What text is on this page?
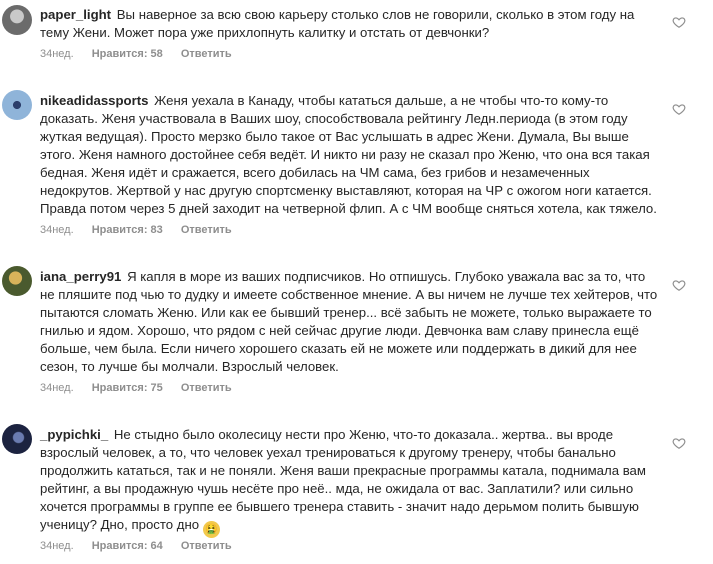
paper_light Вы наверное за всю свою карьеру столько слов не говорили, сколько в этом году на тему Жени. Может пора уже прихлопнуть калитку и отстать от девчонки?
34нед. Нравится: 58 Ответить
nikeadidassports Женя уехала в Канаду, чтобы кататься дальше, а не чтобы что-то кому-то доказать. Женя участвовала в Ваших шоу, способствовала рейтингу Ледн.периода (в этом году жуткая ведущая). Просто мерзко было такое от Вас услышать в адрес Жени. Думала, Вы выше этого. Женя намного достойнее себя ведёт. И никто ни разу не сказал про Женю, что она вся такая бедная. Женя идёт и сражается, всего добилась на ЧМ сама, без грибов и незамеченных недокрутов. Жертвой у нас другую спортсменку выставляют, которая на ЧР с ожогом ноги катается. Правда потом через 5 дней заходит на четверной флип. А с ЧМ вообще сняться хотела, как тяжело.
34нед. Нравится: 83 Ответить
iana_perry91 Я капля в море из ваших подписчиков. Но отпишусь. Глубоко уважала вас за то, что не пляшите под чью то дудку и имеете собственное мнение. А вы ничем не лучше тех хейтеров, что пытаются сломать Женю. Или как ее бывший тренер... всё забыть не можете, только выражаете то гнилью и ядом. Хорошо, что рядом с ней сейчас другие люди. Девчонка вам славу принесла ещё больше, чем была. Если ничего хорошего сказать ей не можете или поддержать в дикий для нее сезон, то лучше бы молчали. Взрослый человек.
34нед. Нравится: 75 Ответить
_pypichki_ Не стыдно было околесицу нести про Женю, что-то доказала.. жертва.. вы вроде взрослый человек, а то, что человек уехал тренироваться к другому тренеру, чтобы банально продолжить кататься, так и не поняли. Женя ваши прекрасные программы катала, поднимала вам рейтинг, а вы продажную чушь несёте про неё.. мда, не ожидала от вас. Заплатили? или сильно хочется программы в группе ее бывшего тренера ставить - значит надо дерьмом полить бывшую ученицу? Дно, просто дно 🤮
34нед. Нравится: 64 Ответить
